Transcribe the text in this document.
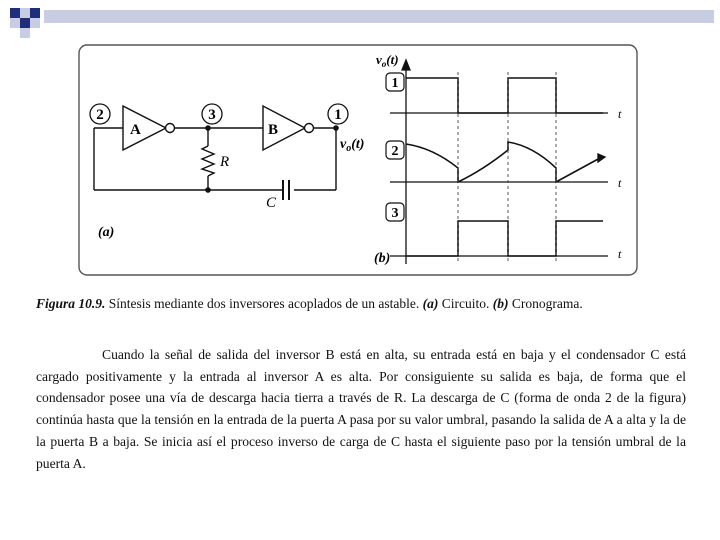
2	3	1
A	B
R
C
$v_o(t)$
(a)
$v_o(t)$
t
t
t
1
2
3
(b)
Figura 10.9. Síntesis mediante dos inversores acoplados de un astable. (a) Circuito. (b) Cronograma.

Cuando la señal de salida del inversor B está en alta, su entrada está en baja y el condensador C está cargado positivamente y la entrada al inversor A es alta. Por consiguiente su salida es baja, de forma que el condensador posee una vía de descarga hacia tierra a través de R. La descarga de C (forma de onda 2 de la figura) continúa hasta que la tensión en la entrada de la puerta A pasa por su valor umbral, pasando la salida de A a alta y la de la puerta B a baja. Se inicia así el proceso inverso de carga de C hasta el siguiente paso por la tensión umbral de la puerta A.
